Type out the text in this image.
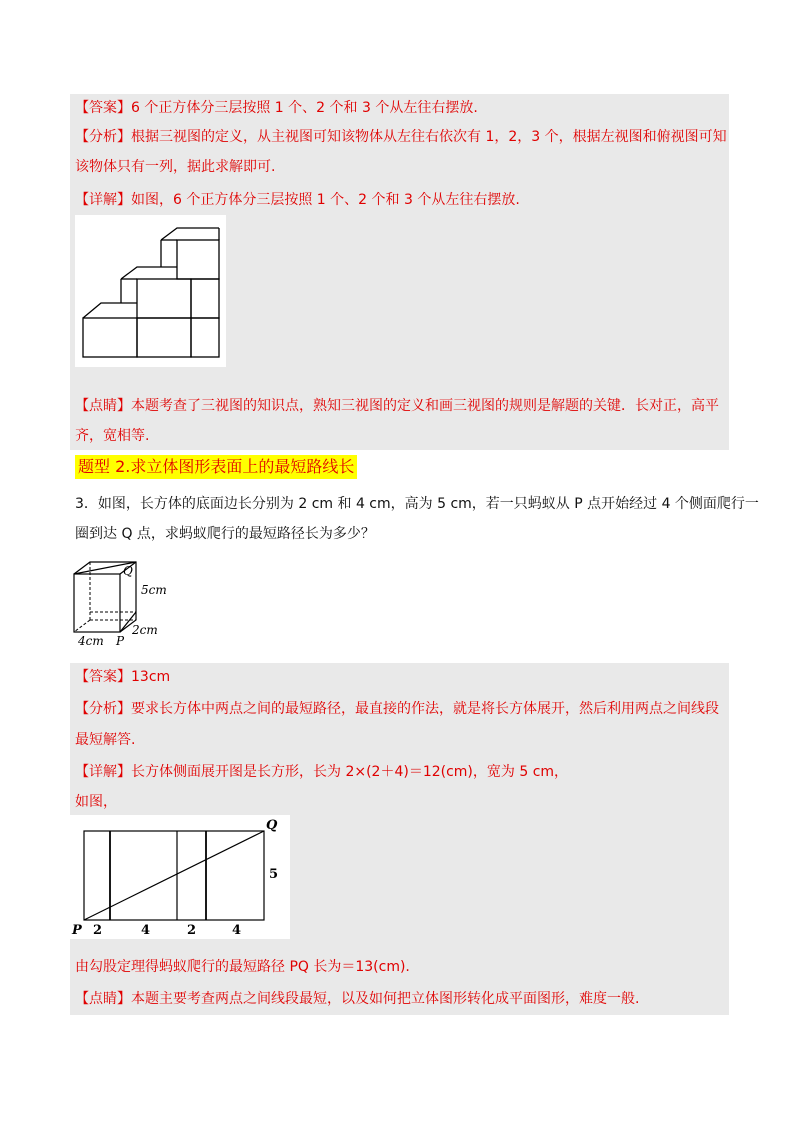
【答案】6 个正方体分三层按照 1 个、2 个和 3 个从左往右摆放.
【分析】根据三视图的定义，从主视图可知该物体从左往右依次有 1，2，3 个，根据左视图和俯视图可知
该物体只有一列，据此求解即可.
【详解】如图，6 个正方体分三层按照 1 个、2 个和 3 个从左往右摆放.
【点睛】本题考查了三视图的知识点，熟知三视图的定义和画三视图的规则是解题的关键．长对正，高平
齐，宽相等.
题型 2.求立体图形表面上的最短路线长
3．如图，长方体的底面边长分别为 2 cm 和 4 cm，高为 5 cm，若一只蚂蚁从 P 点开始经过 4 个侧面爬行一
圈到达 Q 点，求蚂蚁爬行的最短路径长为多少？
Q
5cm
2cm
4cm P
【答案】13cm
【分析】要求长方体中两点之间的最短路径，最直接的作法，就是将长方体展开，然后利用两点之间线段
最短解答.
【详解】长方体侧面展开图是长方形，长为 2×(2＋4)＝12(cm)，宽为 5 cm，
如图，
Q
5
P 2	4	2	4
由勾股定理得蚂蚁爬行的最短路径 PQ 长为＝13(cm).
【点睛】本题主要考查两点之间线段最短，以及如何把立体图形转化成平面图形，难度一般.
